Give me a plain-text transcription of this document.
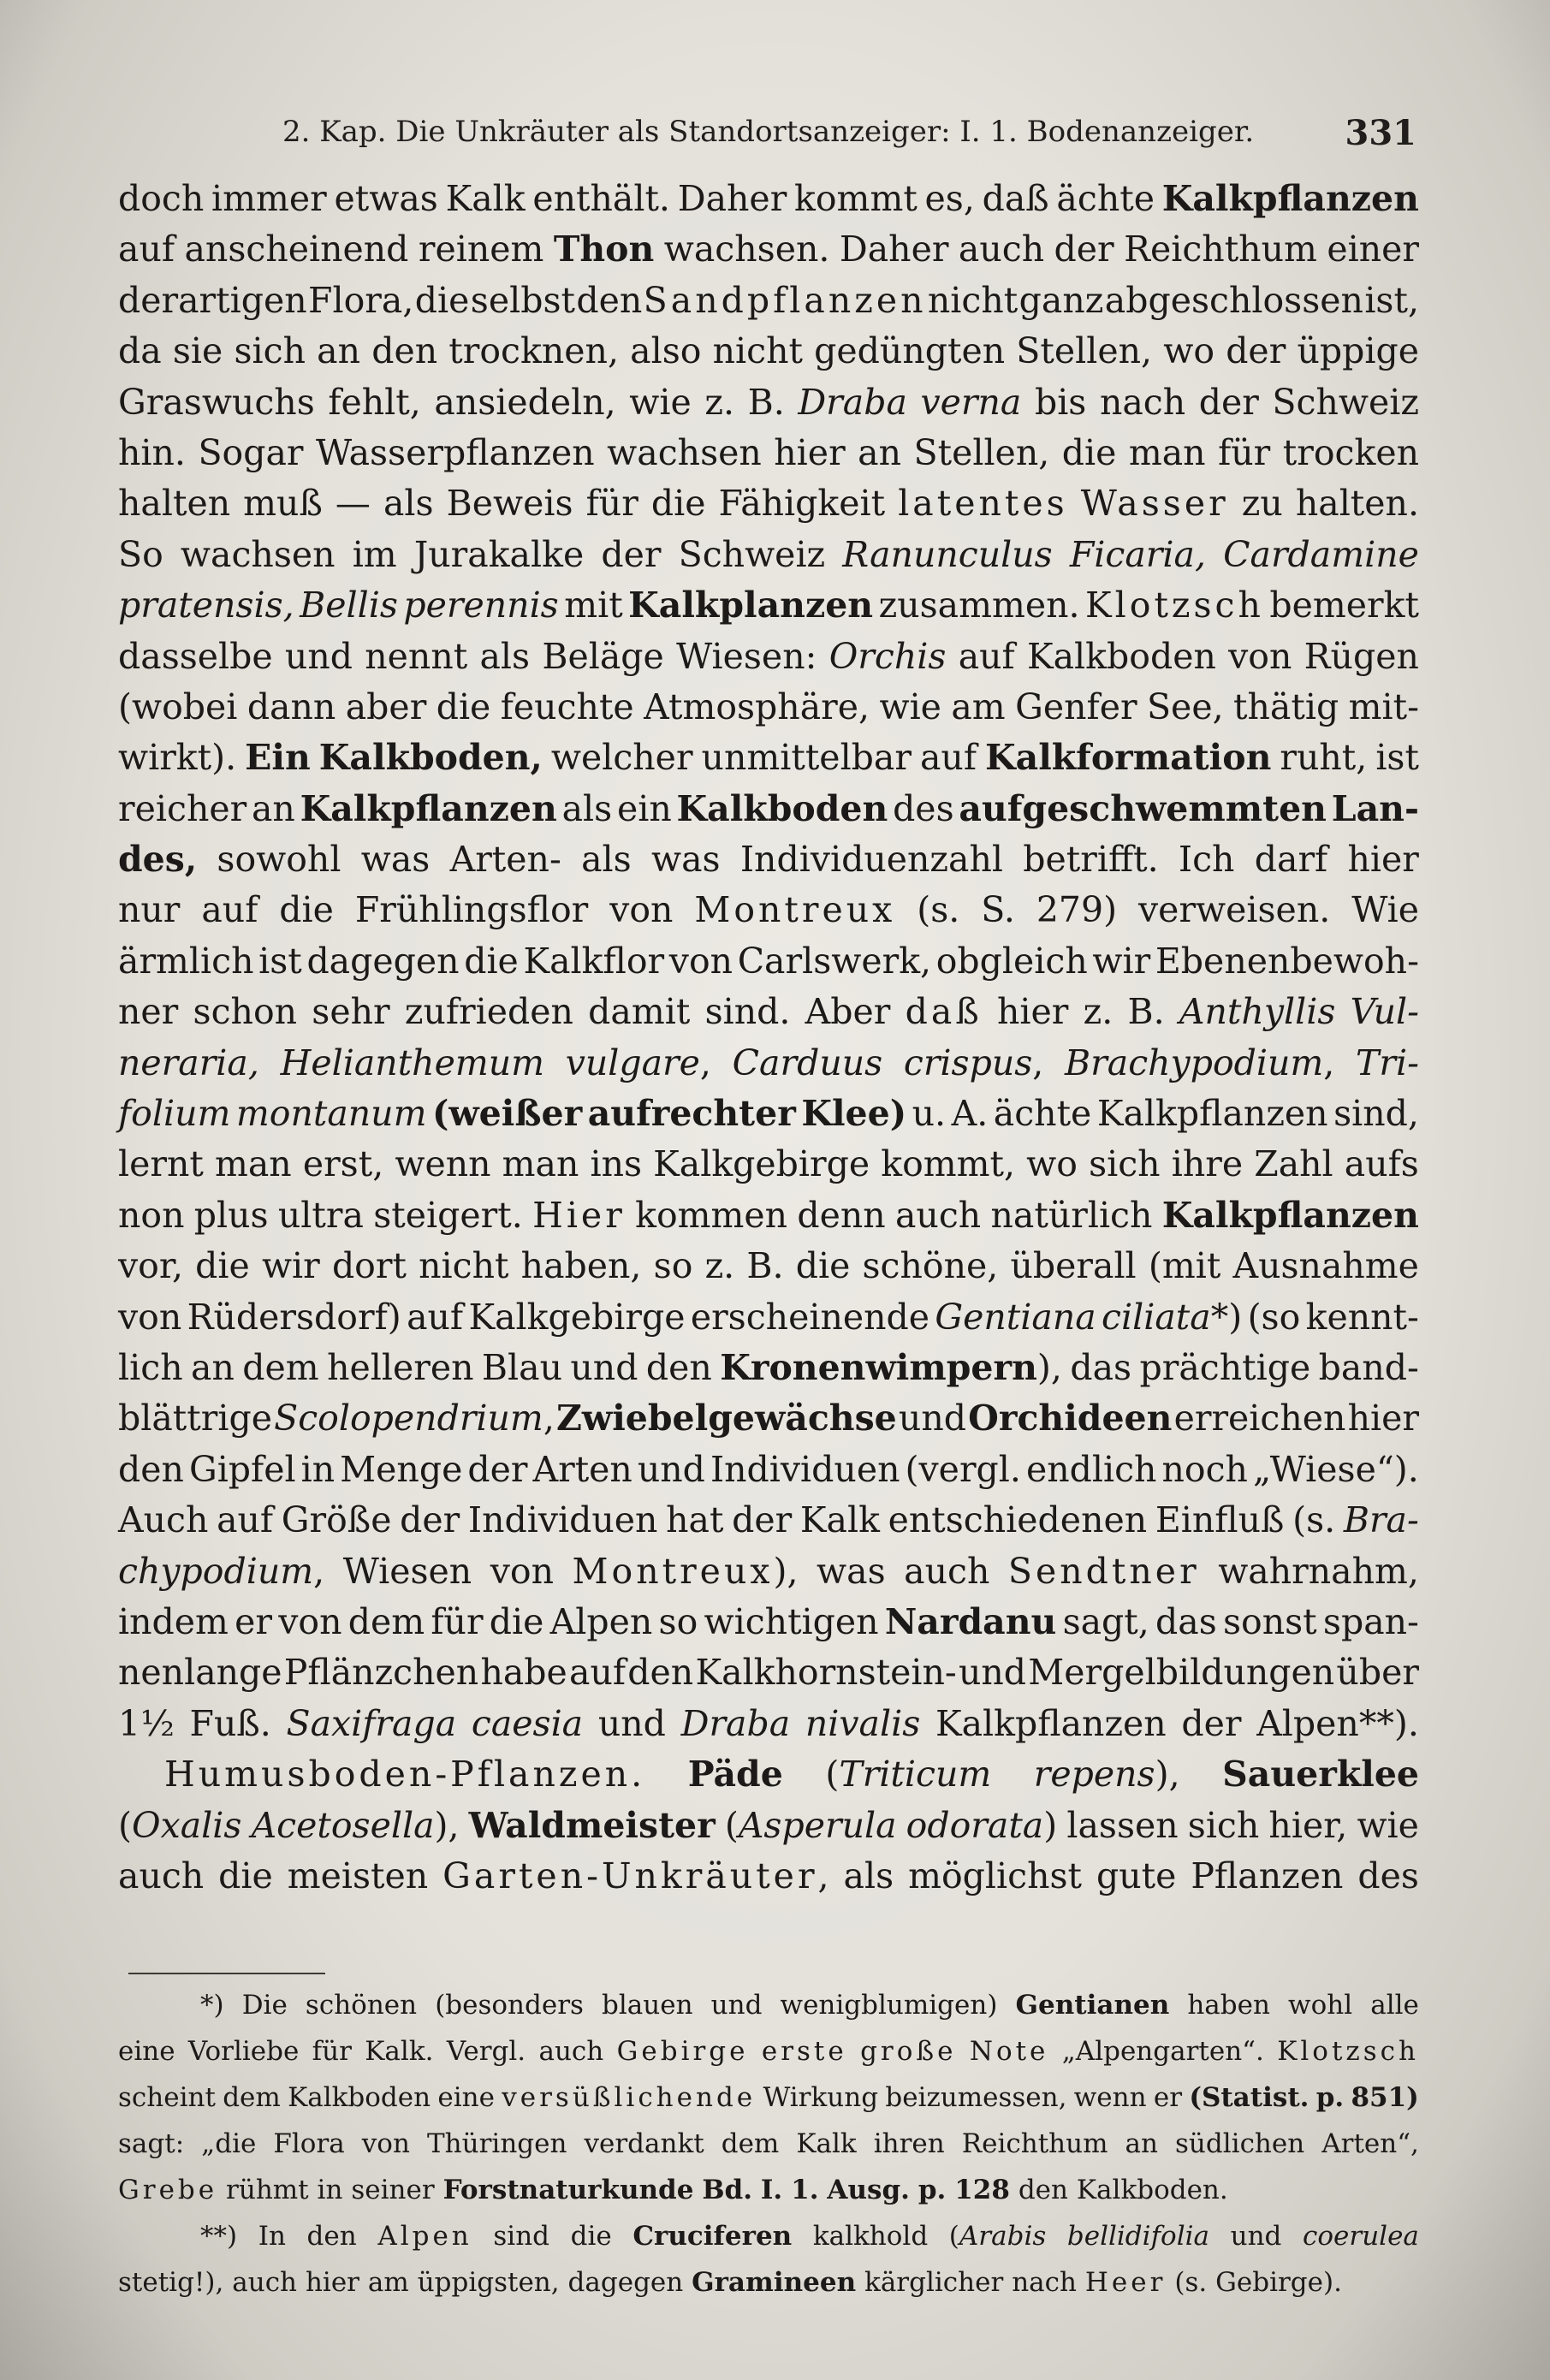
2. Kap. Die Unkräuter als Standortsanzeiger: I. 1. Bodenanzeiger.	331
doch immer etwas Kalk enthält. Daher kommt es, daß ächte Kalkpflanzen
auf anscheinend reinem Thon wachsen. Daher auch der Reichthum einer
derartigen Flora, die selbst den Sandpflanzen nicht ganz abgeschlossen ist,
da sie sich an den trocknen, also nicht gedüngten Stellen, wo der üppige
Graswuchs fehlt, ansiedeln, wie z. B. Draba verna bis nach der Schweiz
hin. Sogar Wasserpflanzen wachsen hier an Stellen, die man für trocken
halten muß — als Beweis für die Fähigkeit latentes Wasser zu halten.
So wachsen im Jurakalke der Schweiz Ranunculus Ficaria, Cardamine
pratensis, Bellis perennis mit Kalkplanzen zusammen. Klotzsch bemerkt
dasselbe und nennt als Beläge Wiesen: Orchis auf Kalkboden von Rügen
(wobei dann aber die feuchte Atmosphäre, wie am Genfer See, thätig mit-
wirkt). Ein Kalkboden, welcher unmittelbar auf Kalkformation ruht, ist
reicher an Kalkpflanzen als ein Kalkboden des aufgeschwemmten Lan-
des, sowohl was Arten- als was Individuenzahl betrifft. Ich darf hier
nur auf die Frühlingsflor von Montreux (s. S. 279) verweisen. Wie
ärmlich ist dagegen die Kalkflor von Carlswerk, obgleich wir Ebenenbewoh-
ner schon sehr zufrieden damit sind. Aber daß hier z. B. Anthyllis Vul-
neraria, Helianthemum vulgare, Carduus crispus, Brachypodium, Tri-
folium montanum (weißer aufrechter Klee) u. A. ächte Kalkpflanzen sind,
lernt man erst, wenn man ins Kalkgebirge kommt, wo sich ihre Zahl aufs
non plus ultra steigert. Hier kommen denn auch natürlich Kalkpflanzen
vor, die wir dort nicht haben, so z. B. die schöne, überall (mit Ausnahme
von Rüdersdorf) auf Kalkgebirge erscheinende Gentiana ciliata*) (so kennt-
lich an dem helleren Blau und den Kronenwimpern), das prächtige band-
blättrige Scolopendrium, Zwiebelgewächse und Orchideen erreichen hier
den Gipfel in Menge der Arten und Individuen (vergl. endlich noch „Wiese“).
Auch auf Größe der Individuen hat der Kalk entschiedenen Einfluß (s. Bra-
chypodium, Wiesen von Montreux), was auch Sendtner wahrnahm,
indem er von dem für die Alpen so wichtigen Nardanu sagt, das sonst span-
nenlange Pflänzchen habe auf den Kalkhornstein- und Mergelbildungen über
1½ Fuß. Saxifraga caesia und Draba nivalis Kalkpflanzen der Alpen**).
Humusboden-Pflanzen. Päde (Triticum repens), Sauerklee
(Oxalis Acetosella), Waldmeister (Asperula odorata) lassen sich hier, wie
auch die meisten Garten-Unkräuter, als möglichst gute Pflanzen des
*) Die schönen (besonders blauen und wenigblumigen) Gentianen haben wohl alle
eine Vorliebe für Kalk. Vergl. auch Gebirge erste große Note „Alpengarten“. Klotzsch
scheint dem Kalkboden eine versüßlichende Wirkung beizumessen, wenn er (Statist. p. 851)
sagt: „die Flora von Thüringen verdankt dem Kalk ihren Reichthum an südlichen Arten“,
Grebe rühmt in seiner Forstnaturkunde Bd. I. 1. Ausg. p. 128 den Kalkboden.
**) In den Alpen sind die Cruciferen kalkhold (Arabis bellidifolia und coerulea
stetig!), auch hier am üppigsten, dagegen Gramineen kärglicher nach Heer (s. Gebirge).
